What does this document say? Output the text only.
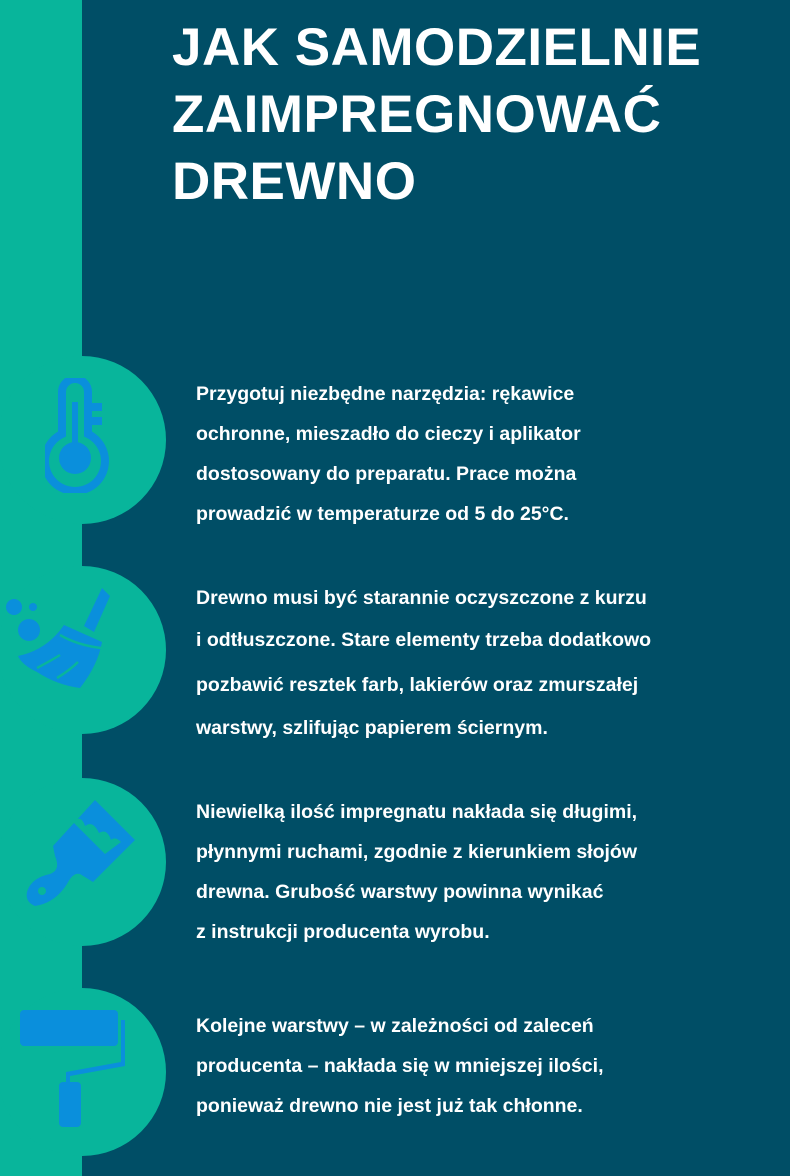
JAK SAMODZIELNIE
ZAIMPREGNOWAĆ
DREWNO
Przygotuj niezbędne narzędzia: rękawice
ochronne, mieszadło do cieczy i aplikator
dostosowany do preparatu. Prace można
prowadzić w temperaturze od 5 do 25°C.
Drewno musi być starannie oczyszczone z kurzu
i odtłuszczone. Stare elementy trzeba dodatkowo
pozbawić resztek farb, lakierów oraz zmurszałej
warstwy, szlifując papierem ściernym.
Niewielką ilość impregnatu nakłada się długimi,
płynnymi ruchami, zgodnie z kierunkiem słojów
drewna. Grubość warstwy powinna wynikać
z instrukcji producenta wyrobu.
Kolejne warstwy – w zależności od zaleceń
producenta – nakłada się w mniejszej ilości,
ponieważ drewno nie jest już tak chłonne.
